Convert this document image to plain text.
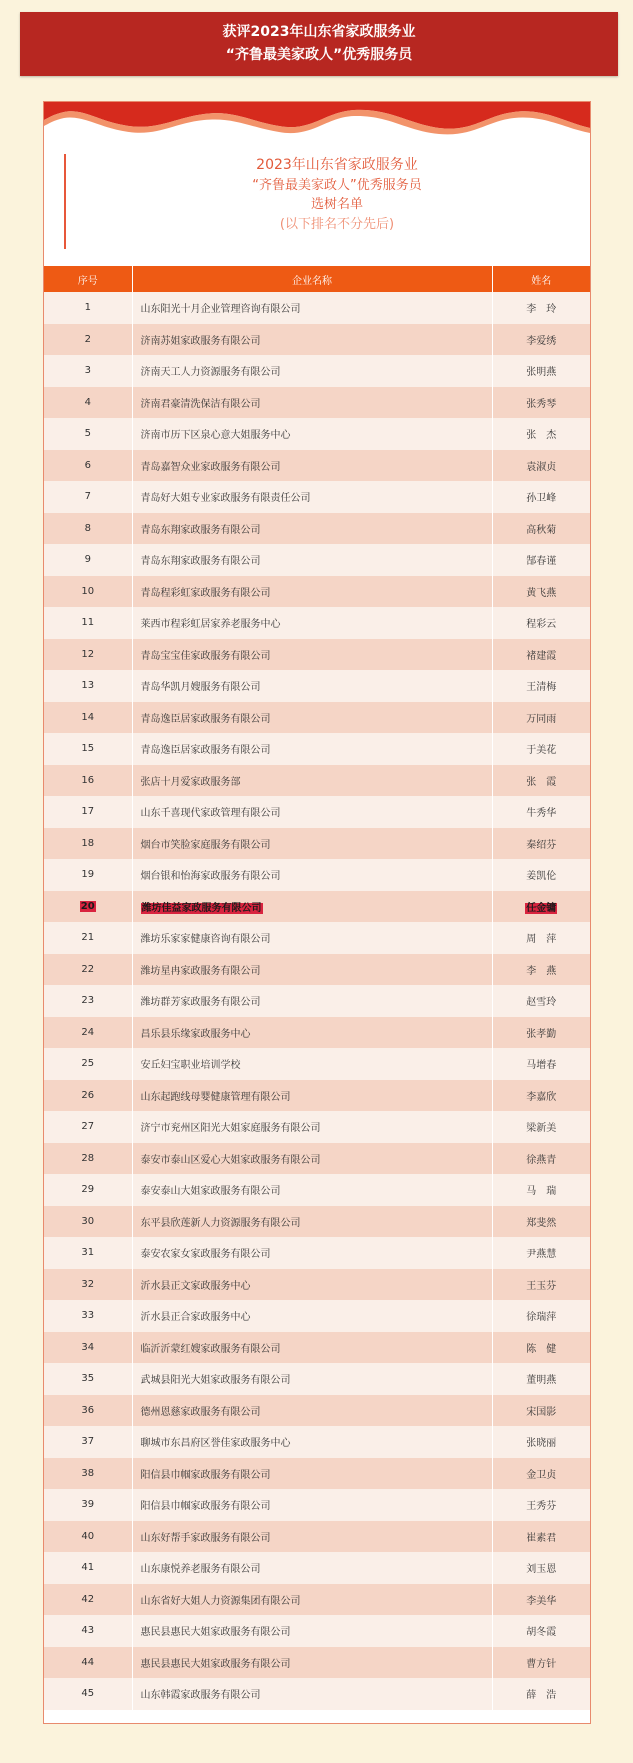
获评2023年山东省家政服务业
“齐鲁最美家政人”优秀服务员
2023年山东省家政服务业
“齐鲁最美家政人”优秀服务员
选树名单
(以下排名不分先后)
序号	企业名称	姓名
1	山东阳光十月企业管理咨询有限公司	李　玲
2	济南苏姐家政服务有限公司	李爱绣
3	济南天工人力资源服务有限公司	张明燕
4	济南君豪清洗保洁有限公司	张秀琴
5	济南市历下区泉心意大姐服务中心	张　杰
6	青岛嘉智众业家政服务有限公司	袁淑贞
7	青岛好大姐专业家政服务有限责任公司	孙卫峰
8	青岛东翔家政服务有限公司	高秋菊
9	青岛东翔家政服务有限公司	郜春谨
10	青岛程彩虹家政服务有限公司	黄飞燕
11	莱西市程彩虹居家养老服务中心	程彩云
12	青岛宝宝佳家政服务有限公司	褚建霞
13	青岛华凯月嫂服务有限公司	王清梅
14	青岛逸臣居家政服务有限公司	万同雨
15	青岛逸臣居家政服务有限公司	于美花
16	张店十月爱家政服务部	张　霞
17	山东千喜现代家政管理有限公司	牛秀华
18	烟台市笑脸家庭服务有限公司	秦绍芬
19	烟台银和怡海家政服务有限公司	姜凯伦
20	潍坊佳益家政服务有限公司	任金镛
21	潍坊乐家家健康咨询有限公司	周　萍
22	潍坊星冉家政服务有限公司	李　燕
23	潍坊群芳家政服务有限公司	赵雪玲
24	昌乐县乐缘家政服务中心	张孝勤
25	安丘妇宝职业培训学校	马增春
26	山东起跑线母婴健康管理有限公司	李嘉欣
27	济宁市兖州区阳光大姐家庭服务有限公司	梁新美
28	泰安市泰山区爱心大姐家政服务有限公司	徐燕青
29	泰安泰山大姐家政服务有限公司	马　瑞
30	东平县欣莲新人力资源服务有限公司	郑斐然
31	泰安农家女家政服务有限公司	尹燕慧
32	沂水县正文家政服务中心	王玉芬
33	沂水县正合家政服务中心	徐瑞萍
34	临沂沂蒙红嫂家政服务有限公司	陈　健
35	武城县阳光大姐家政服务有限公司	董明燕
36	德州恩慈家政服务有限公司	宋国影
37	聊城市东昌府区誉佳家政服务中心	张晓丽
38	阳信县巾帼家政服务有限公司	金卫贞
39	阳信县巾帼家政服务有限公司	王秀芬
40	山东好帮手家政服务有限公司	崔素君
41	山东康悦养老服务有限公司	刘玉恩
42	山东省好大姐人力资源集团有限公司	李美华
43	惠民县惠民大姐家政服务有限公司	胡冬霞
44	惠民县惠民大姐家政服务有限公司	曹方针
45	山东韩霞家政服务有限公司	薛　浩
